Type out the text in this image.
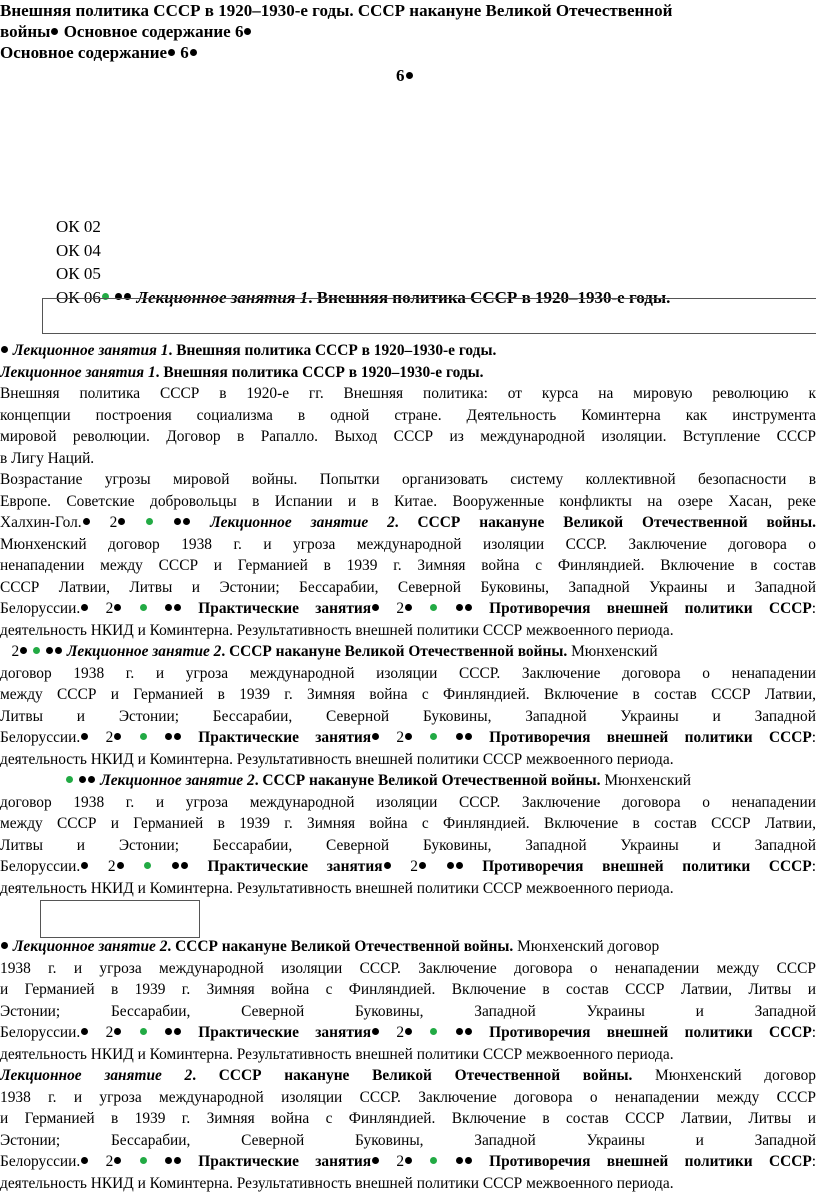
Внешняя политика СССР в 1920–1930-е годы. СССР накануне Великой Отечественной
войны Основное содержание 6
Основное содержание 6
6
ОК 02
ОК 04
ОК 05
ОК 06 Лекционное занятия 1. Внешняя политика СССР в 1920–1930-е годы.

Лекционное занятия 1. Внешняя политика СССР в 1920–1930-е годы.

Лекционное занятия 1. Внешняя политика СССР в 1920–1930-е годы.

Внешняя политика СССР в 1920-е гг. Внешняя политика: от курса на мировую революцию к

концепции построения социализма в одной стране. Деятельность Коминтерна как инструмента

мировой революции. Договор в Рапалло. Выход СССР из международной изоляции. Вступление СССР

в Лигу Наций.

Возрастание угрозы мировой войны. Попытки организовать систему коллективной безопасности в

Европе. Советские добровольцы в Испании и в Китае. Вооруженные конфликты на озере Хасан, реке

Халхин-Гол. 2	Лекционное занятие 2. СССР накануне Великой Отечественной войны.

Мюнхенский договор 1938 г. и угроза международной изоляции СССР. Заключение договора о

ненападении между СССР и Германией в 1939 г. Зимняя война с Финляндией. Включение в состав

СССР Латвии, Литвы и Эстонии; Бессарабии, Северной Буковины, Западной Украины и Западной

Белоруссии. 2	Практические занятия 2	Противоречия внешней политики СССР:

деятельность НКИД и Коминтерна. Результативность внешней политики СССР межвоенного периода.

2	Лекционное занятие 2. СССР накануне Великой Отечественной войны. Мюнхенский

договор 1938 г. и угроза международной изоляции СССР. Заключение договора о ненападении

между СССР и Германией в 1939 г. Зимняя война с Финляндией. Включение в состав СССР Латвии,

Литвы и Эстонии; Бессарабии, Северной Буковины, Западной Украины и Западной

Белоруссии. 2	Практические занятия 2	Противоречия внешней политики СССР:

деятельность НКИД и Коминтерна. Результативность внешней политики СССР межвоенного периода.

Лекционное занятие 2. СССР накануне Великой Отечественной войны. Мюнхенский

договор 1938 г. и угроза международной изоляции СССР. Заключение договора о ненападении

между СССР и Германией в 1939 г. Зимняя война с Финляндией. Включение в состав СССР Латвии,

Литвы и Эстонии; Бессарабии, Северной Буковины, Западной Украины и Западной

Белоруссии. 2	Практические занятия 2	Противоречия внешней политики СССР:

деятельность НКИД и Коминтерна. Результативность внешней политики СССР межвоенного периода.

Лекционное занятие 2. СССР накануне Великой Отечественной войны. Мюнхенский договор

1938 г. и угроза международной изоляции СССР. Заключение договора о ненападении между СССР

и Германией в 1939 г. Зимняя война с Финляндией. Включение в состав СССР Латвии, Литвы и

Эстонии; Бессарабии, Северной Буковины, Западной Украины и Западной

Белоруссии. 2	Практические занятия 2	Противоречия внешней политики СССР:

деятельность НКИД и Коминтерна. Результативность внешней политики СССР межвоенного периода.

Лекционное занятие 2. СССР накануне Великой Отечественной войны. Мюнхенский договор

1938 г. и угроза международной изоляции СССР. Заключение договора о ненападении между СССР

и Германией в 1939 г. Зимняя война с Финляндией. Включение в состав СССР Латвии, Литвы и

Эстонии; Бессарабии, Северной Буковины, Западной Украины и Западной

Белоруссии. 2	Практические занятия 2	Противоречия внешней политики СССР:

деятельность НКИД и Коминтерна. Результативность внешней политики СССР межвоенного периода.
